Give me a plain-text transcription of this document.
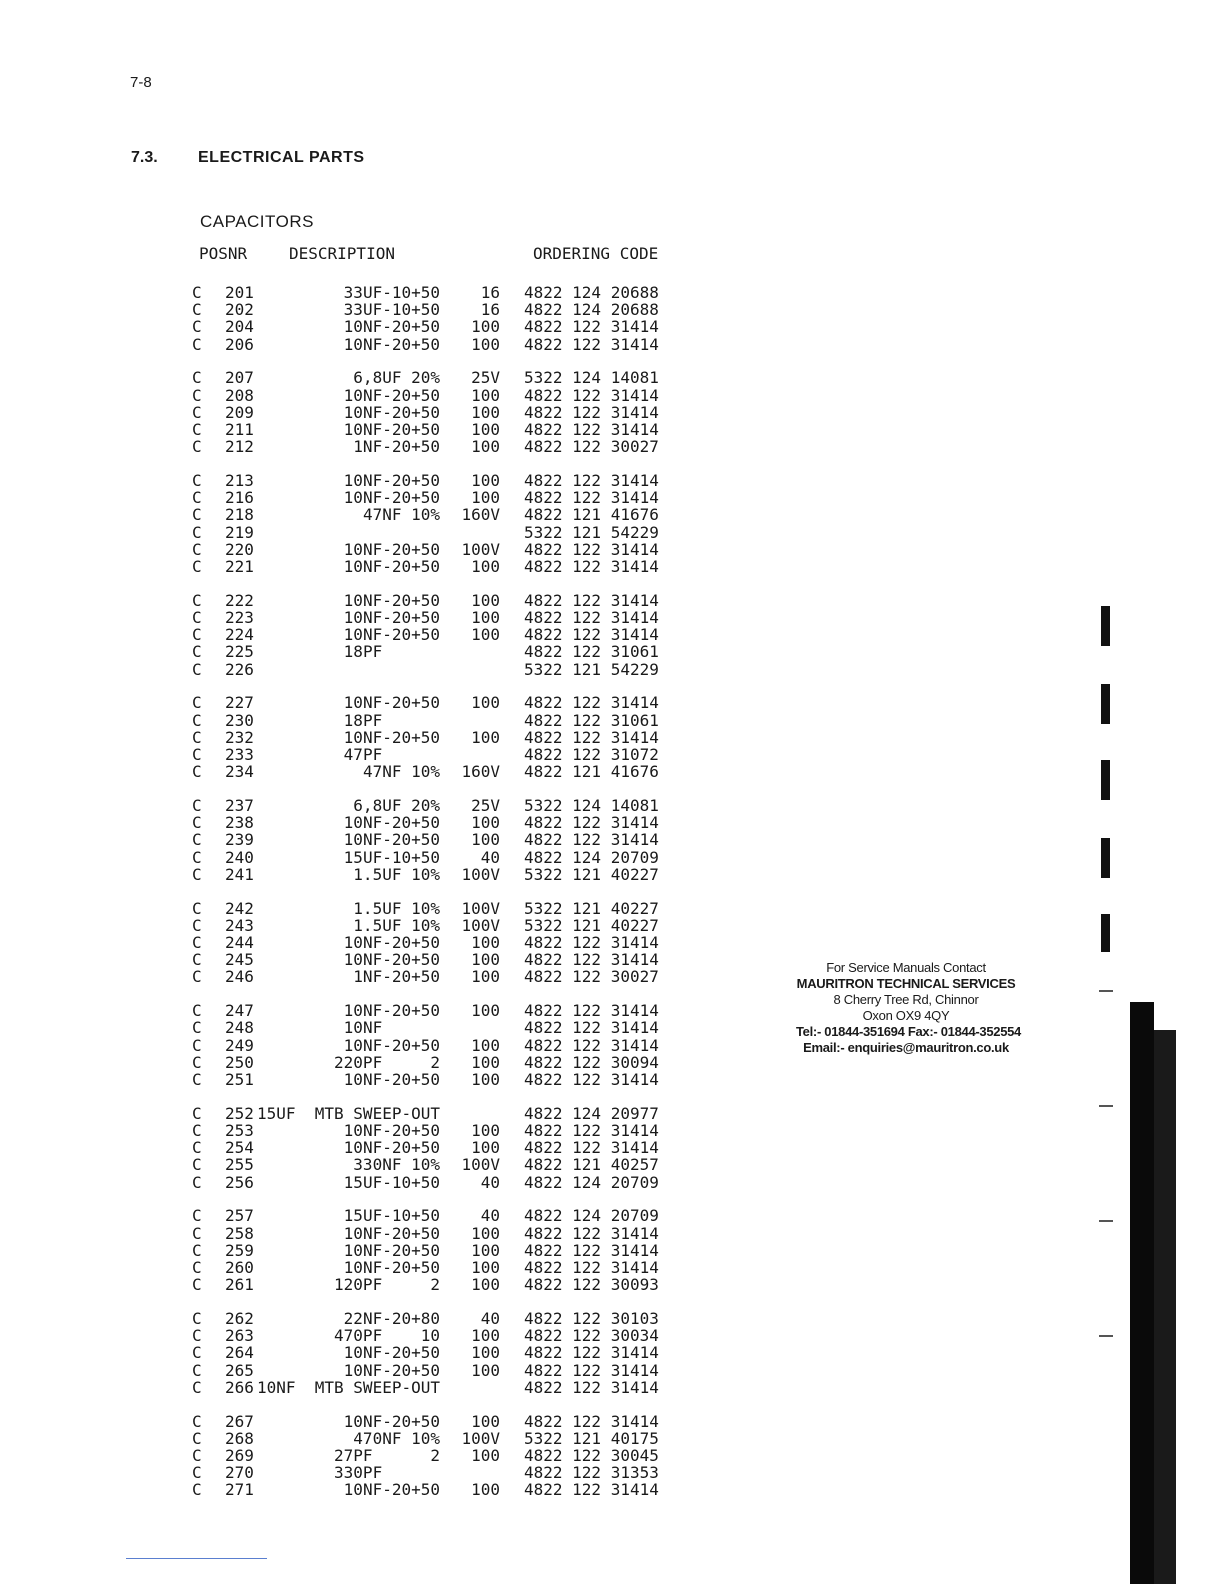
7-8
7.3.	ELECTRICAL PARTS
CAPACITORS
POSNR	DESCRIPTION	ORDERING CODE
C 201	33UF-10+50	16 4822 124 20688
C 202	33UF-10+50	16 4822 124 20688
C 204	10NF-20+50	100 4822 122 31414
C 206	10NF-20+50	100 4822 122 31414
C 207	6,8UF 20%	25V 5322 124 14081
C 208	10NF-20+50	100 4822 122 31414
C 209	10NF-20+50	100 4822 122 31414
C 211	10NF-20+50	100 4822 122 31414
C 212	1NF-20+50	100 4822 122 30027
C 213	10NF-20+50	100 4822 122 31414
C 216	10NF-20+50	100 4822 122 31414
C 218	47NF 10%	160V 4822 121 41676
C 219	5322 121 54229
C 220	10NF-20+50	100V 4822 122 31414
C 221	10NF-20+50	100 4822 122 31414
C 222	10NF-20+50	100 4822 122 31414
C 223	10NF-20+50	100 4822 122 31414
C 224	10NF-20+50	100 4822 122 31414
C 225	18PF	4822 122 31061
C 226	5322 121 54229
C 227	10NF-20+50	100 4822 122 31414
C 230	18PF	4822 122 31061
C 232	10NF-20+50	100 4822 122 31414
C 233	47PF	4822 122 31072
C 234	47NF 10%	160V 4822 121 41676
C 237	6,8UF 20%	25V 5322 124 14081
C 238	10NF-20+50	100 4822 122 31414
C 239	10NF-20+50	100 4822 122 31414
C 240	15UF-10+50	40 4822 124 20709
C 241	1.5UF 10%	100V 5322 121 40227
C 242	1.5UF 10%	100V 5322 121 40227
C 243	1.5UF 10%	100V 5322 121 40227
C 244	10NF-20+50	100 4822 122 31414
C 245	10NF-20+50	100 4822 122 31414
C 246	1NF-20+50	100 4822 122 30027
C 247	10NF-20+50	100 4822 122 31414
C 248	10NF	4822 122 31414
C 249	10NF-20+50	100 4822 122 31414
C 250	220PF     2	100 4822 122 30094
C 251	10NF-20+50	100 4822 122 31414
C 252 15UF  MTB SWEEP-OUT	4822 124 20977
C 253	10NF-20+50	100 4822 122 31414
C 254	10NF-20+50	100 4822 122 31414
C 255	330NF 10%	100V 4822 121 40257
C 256	15UF-10+50	40 4822 124 20709
C 257	15UF-10+50	40 4822 124 20709
C 258	10NF-20+50	100 4822 122 31414
C 259	10NF-20+50	100 4822 122 31414
C 260	10NF-20+50	100 4822 122 31414
C 261	120PF     2	100 4822 122 30093
C 262	22NF-20+80	40 4822 122 30103
C 263	470PF    10	100 4822 122 30034
C 264	10NF-20+50	100 4822 122 31414
C 265	10NF-20+50	100 4822 122 31414
C 266 10NF  MTB SWEEP-OUT	4822 122 31414
C 267	10NF-20+50	100 4822 122 31414
C 268	470NF 10%	100V 5322 121 40175
C 269	27PF      2	100 4822 122 30045
C 270	330PF	4822 122 31353
C 271	10NF-20+50	100 4822 122 31414
For Service Manuals Contact
MAURITRON TECHNICAL SERVICES
8 Cherry Tree Rd, Chinnor
Oxon OX9 4QY
Tel:- 01844-351694 Fax:- 01844-352554
Email:- enquiries@mauritron.co.uk
